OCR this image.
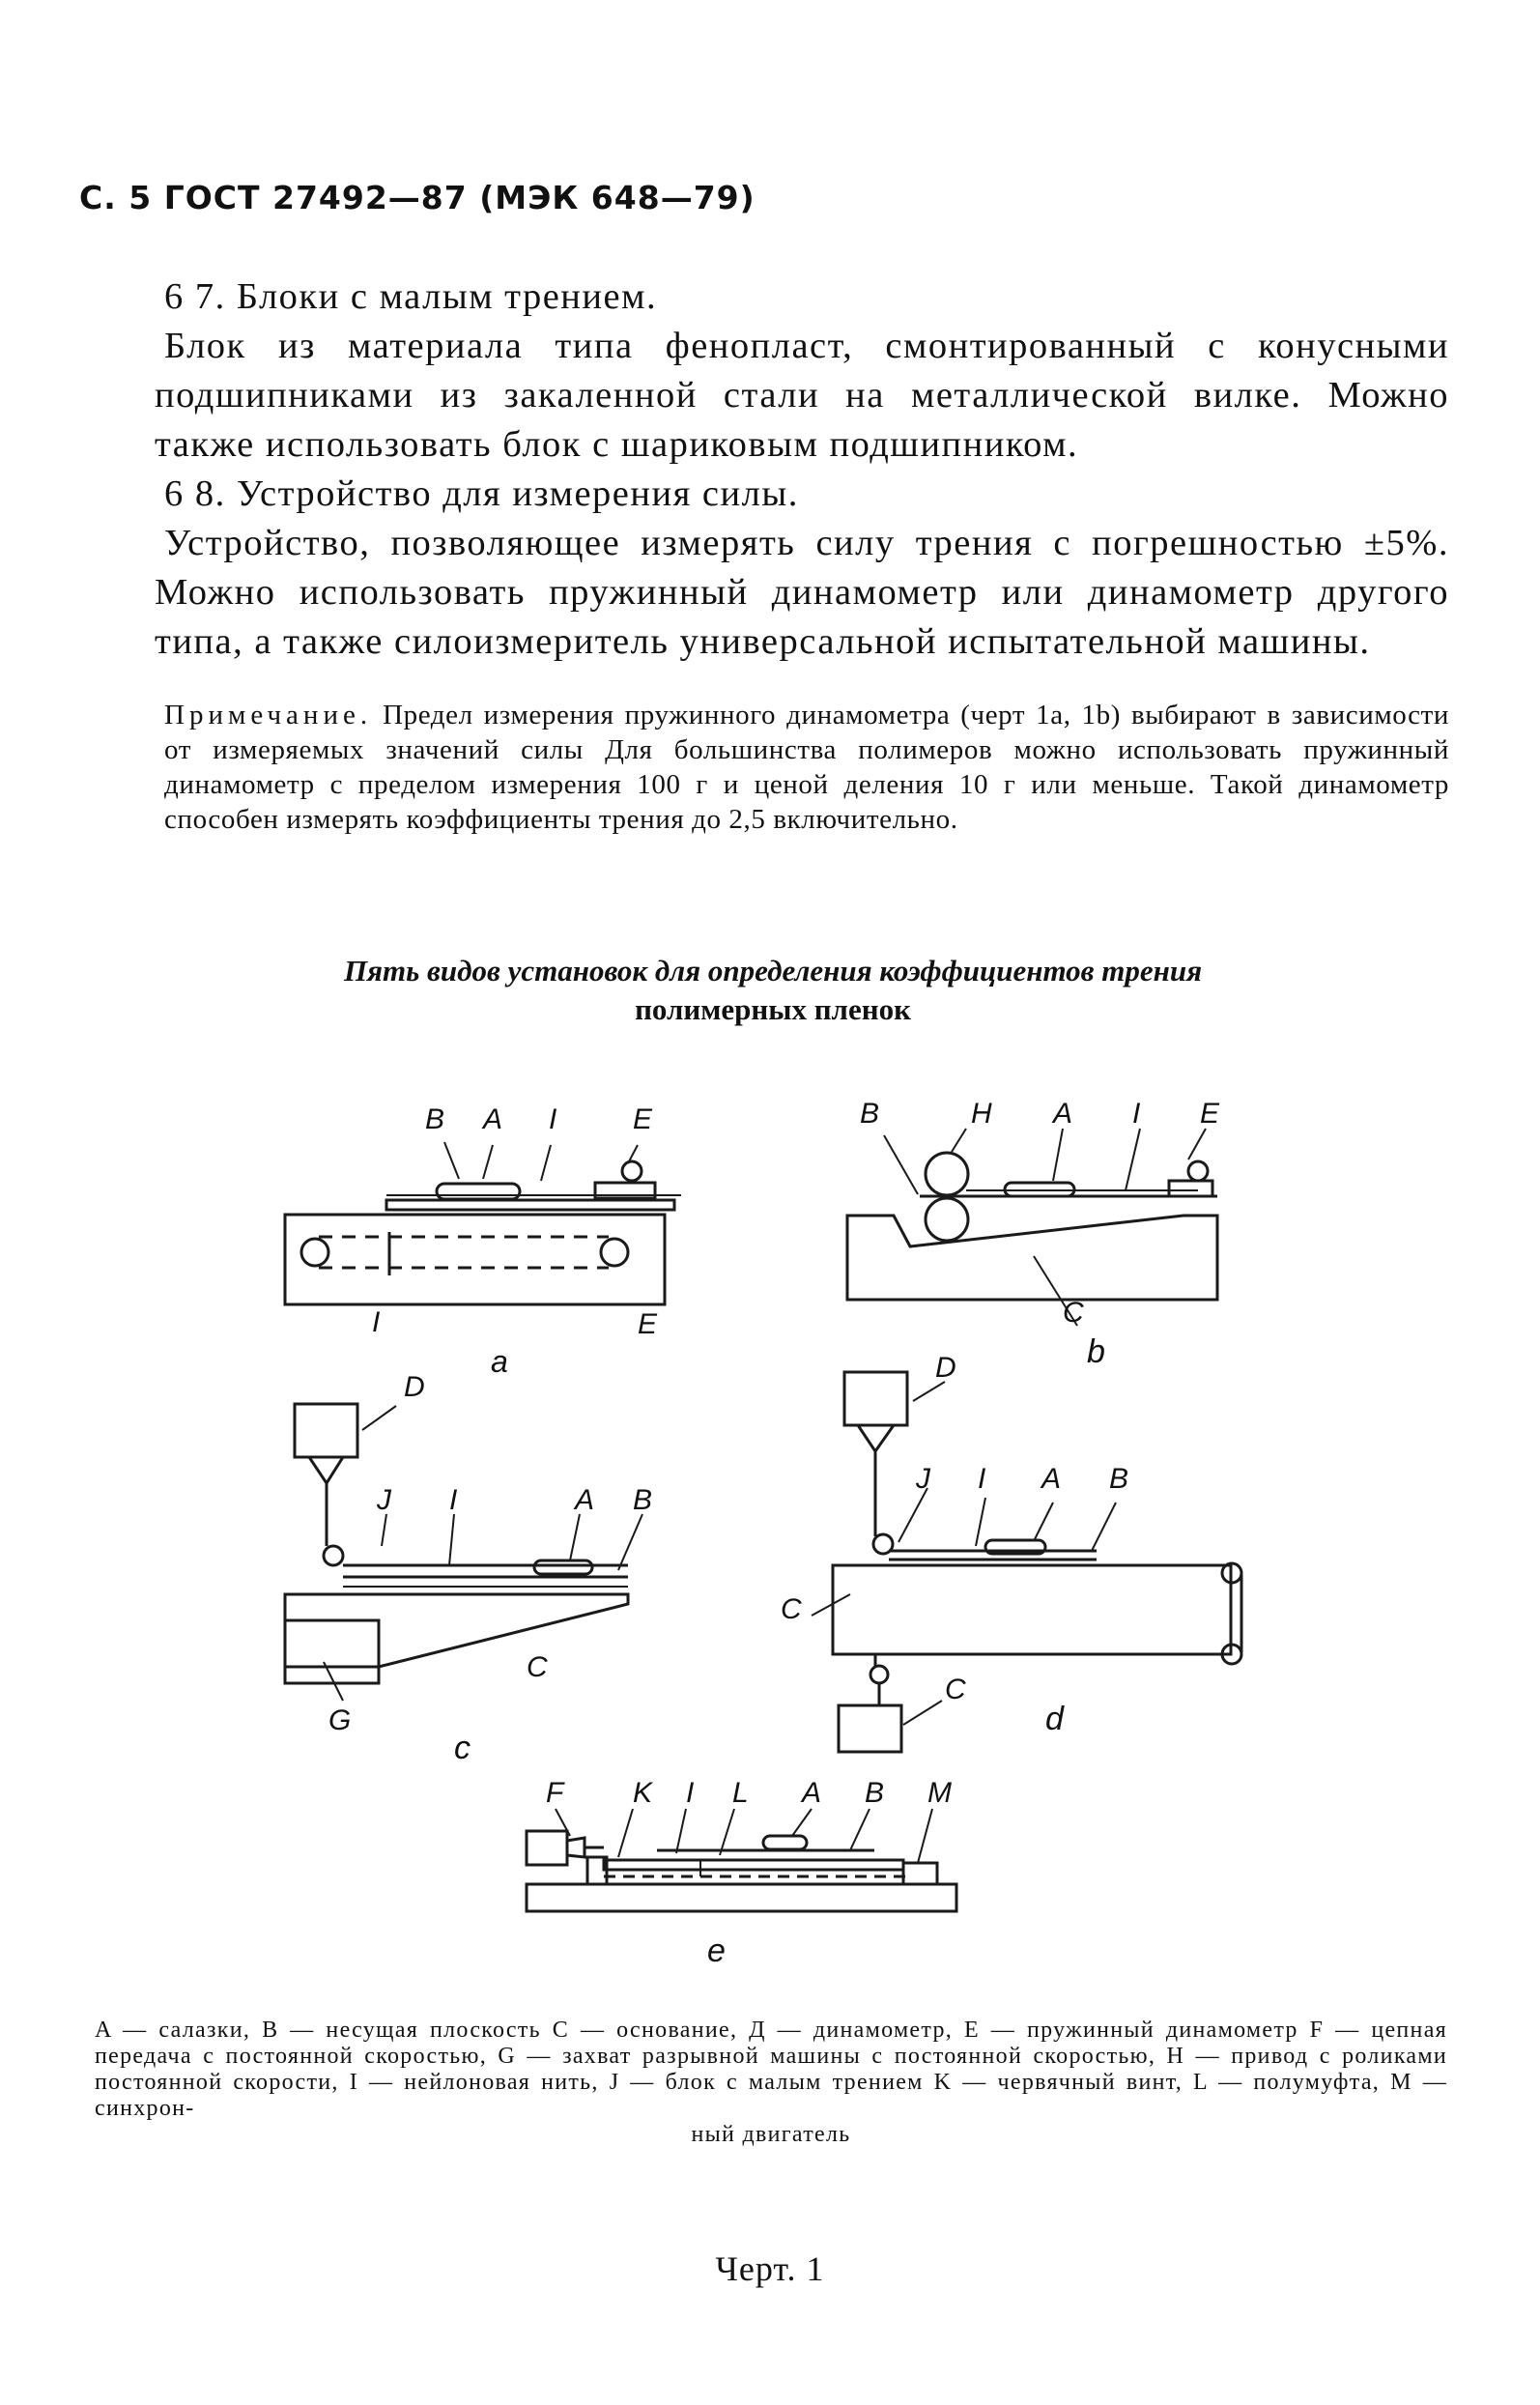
С. 5 ГОСТ 27492—87 (МЭК 648—79)

6 7. Блоки с малым трением.

Блок из материала типа фенопласт, смонтированный с конусными подшипниками из закаленной стали на металлической вилке. Можно также использовать блок с шариковым подшипником.

6 8. Устройство для измерения силы.

Устройство, позволяющее измерять силу трения с погрешностью ±5%. Можно использовать пружинный динамометр или динамометр другого типа, а также силоизмеритель универсальной испытательной машины.

Примечание. Предел измерения пружинного динамометра (черт 1a, 1b) выбирают в зависимости от измеряемых значений силы Для большинства полимеров можно использовать пружинный динамометр с пределом измерения 100 г и ценой деления 10 г или меньше. Такой динамометр способен измерять коэффициенты трения до 2,5 включительно.
Пять видов установок для определения коэффициентов трения
полимерных пленок
B A I	E
I	E
a
B	H A I E
C
b
D
J I	A B
G
C
c
D
J I A B
C
C
d
F K I L A B M
e
A — салазки, B — несущая плоскость C — основание, Д — динамометр, E — пружинный динамометр F — цепная передача с постоянной скоростью, G — захват разрывной машины с постоянной скоростью, H — привод с роликами постоянной скорости, I — нейлоновая нить, J — блок с малым трением K — червячный винт, L — полумуфта, M — синхрон-
ный двигатель
Черт. 1
